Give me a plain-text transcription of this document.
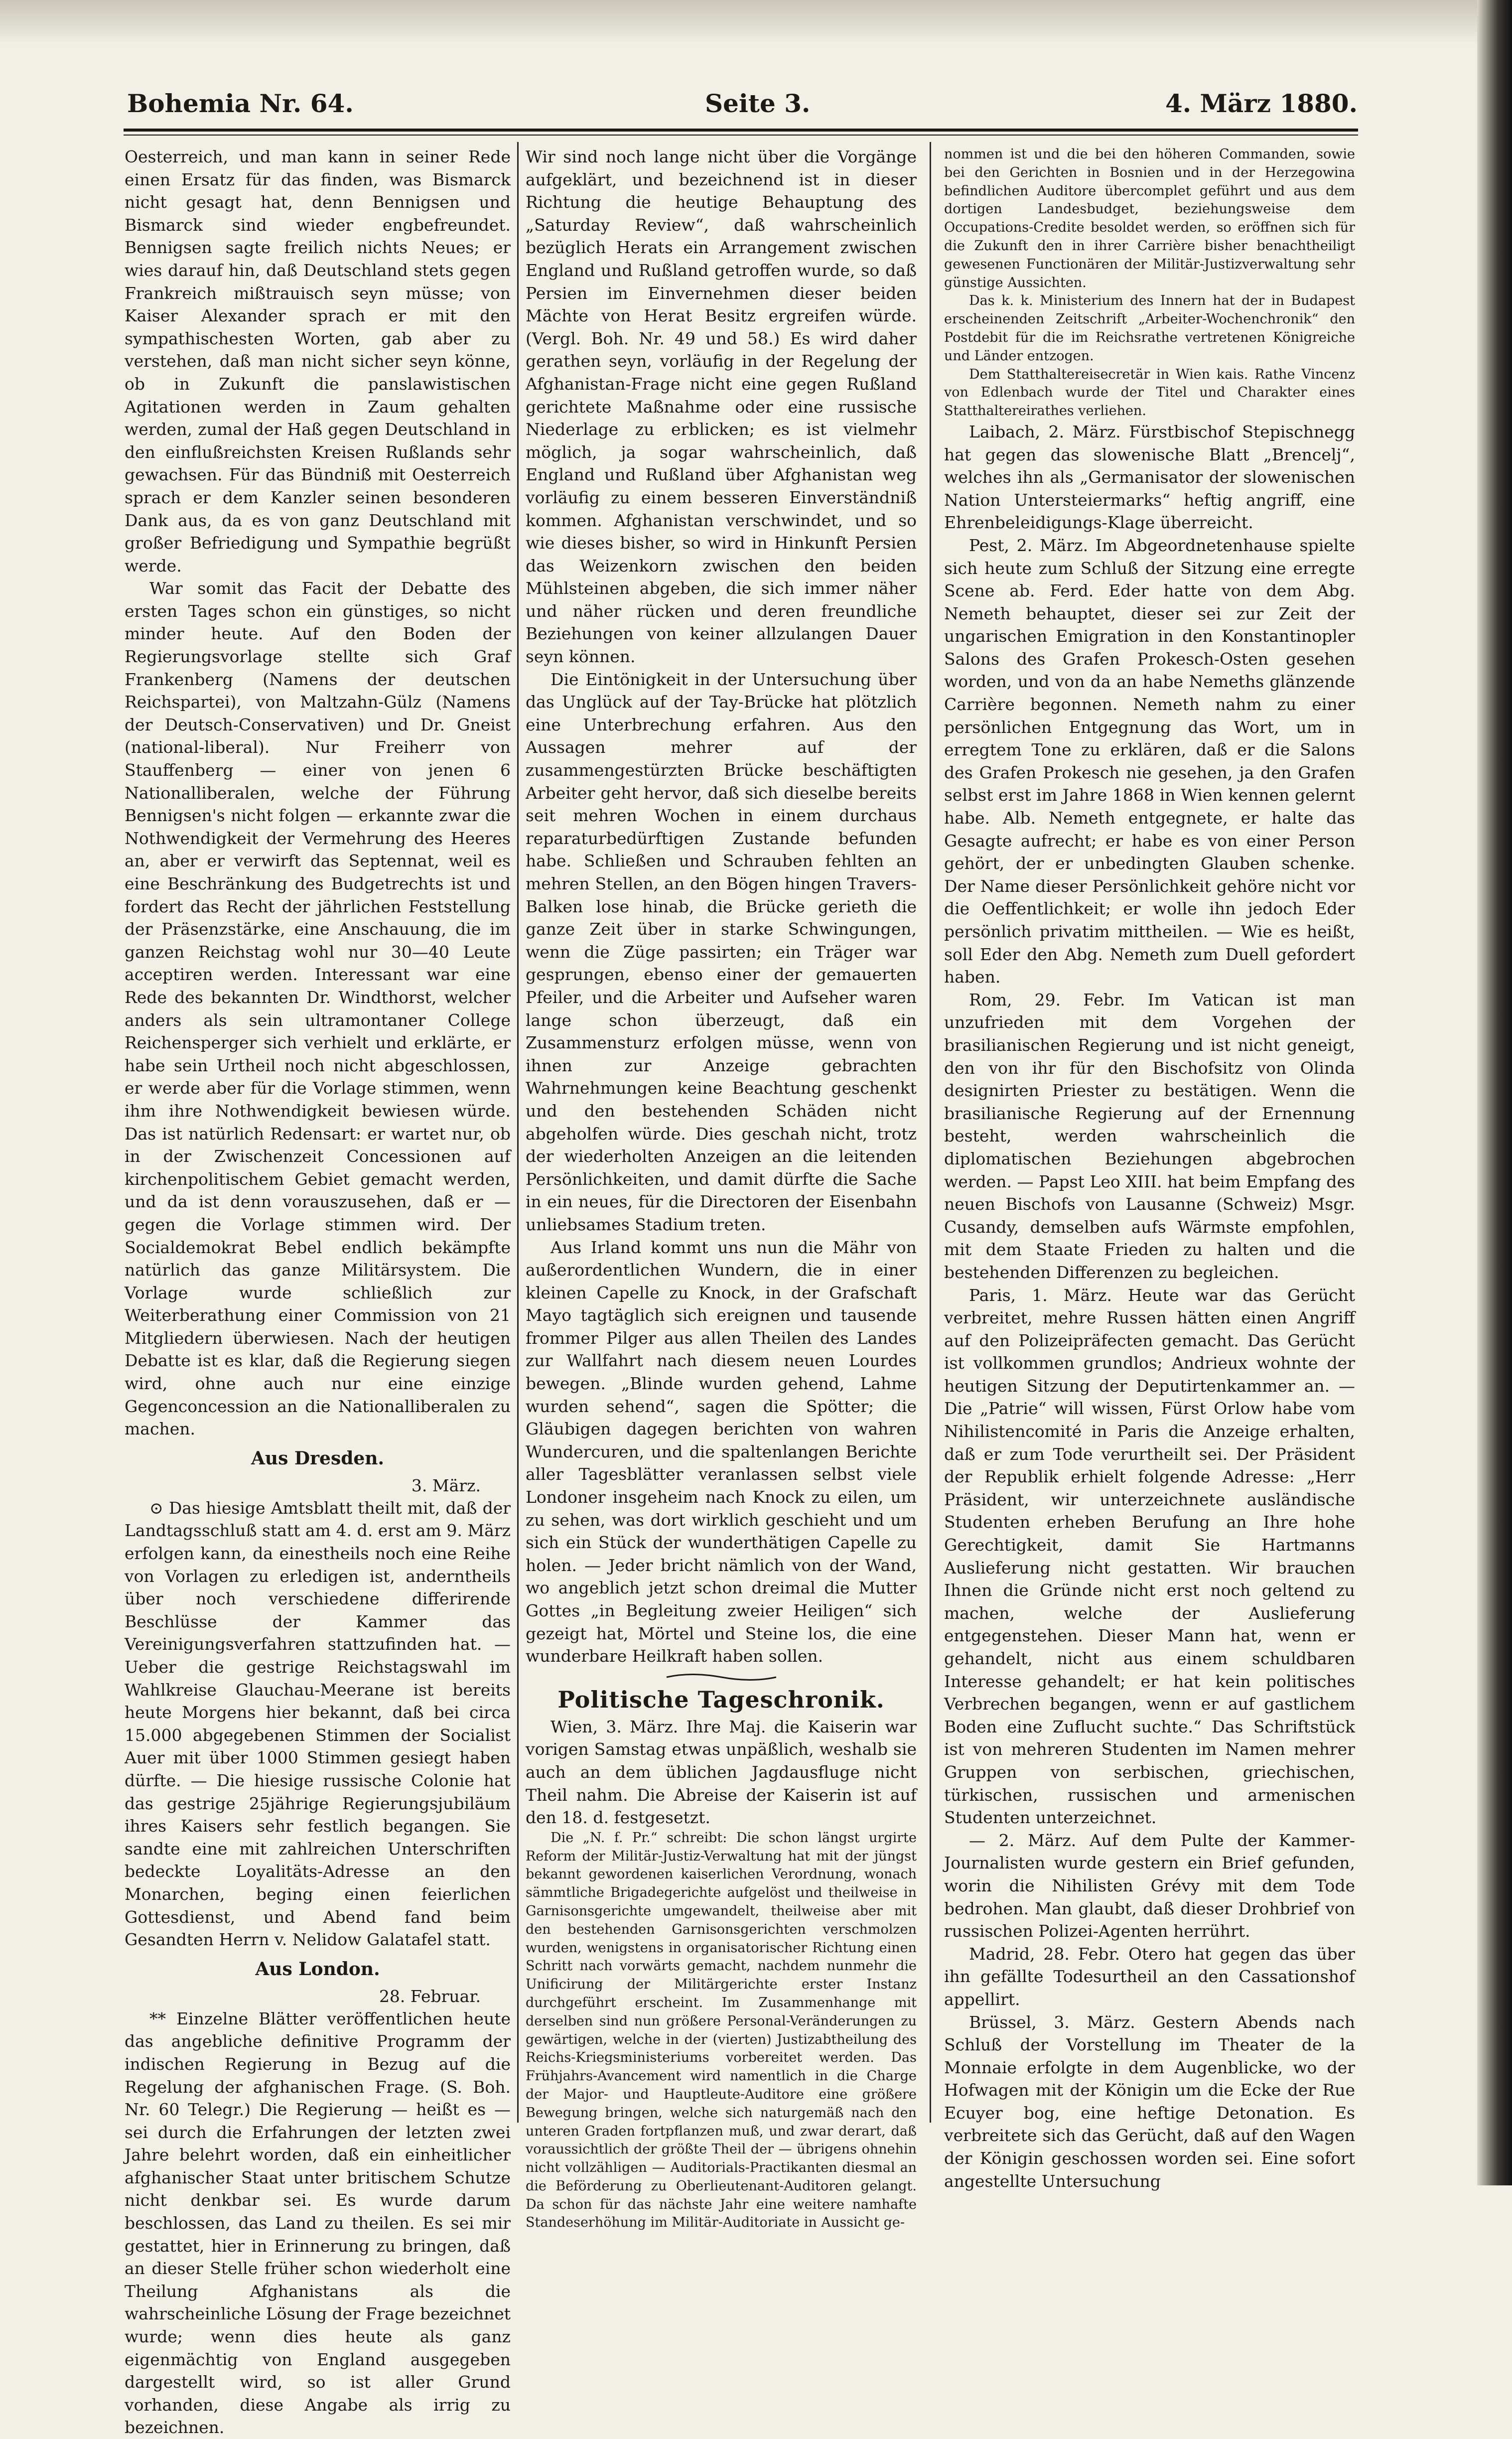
Bohemia Nr. 64.	Seite 3.	4. März 1880.

Oesterreich, und man kann in seiner Rede einen Ersatz für das finden, was Bismarck nicht gesagt hat, denn Bennigsen und Bismarck sind wieder engbefreundet. Bennigsen sagte freilich nichts Neues; er wies darauf hin, daß Deutschland stets gegen Frankreich mißtrauisch seyn müsse; von Kaiser Alexander sprach er mit den sympathischesten Worten, gab aber zu verstehen, daß man nicht sicher seyn könne, ob in Zukunft die panslawistischen Agitationen werden in Zaum gehalten werden, zumal der Haß gegen Deutschland in den einflußreichsten Kreisen Rußlands sehr gewachsen. Für das Bündniß mit Oesterreich sprach er dem Kanzler seinen besonderen Dank aus, da es von ganz Deutschland mit großer Befriedigung und Sympathie begrüßt werde.

War somit das Facit der Debatte des ersten Tages schon ein günstiges, so nicht minder heute. Auf den Boden der Regierungsvorlage stellte sich Graf Frankenberg (Namens der deutschen Reichspartei), von Maltzahn-Gülz (Namens der Deutsch-Conservativen) und Dr. Gneist (national-liberal). Nur Freiherr von Stauffenberg — einer von jenen 6 Nationalliberalen, welche der Führung Bennigsen's nicht folgen — erkannte zwar die Nothwendigkeit der Vermehrung des Heeres an, aber er verwirft das Septennat, weil es eine Beschränkung des Budgetrechts ist und fordert das Recht der jährlichen Feststellung der Präsenzstärke, eine Anschauung, die im ganzen Reichstag wohl nur 30—40 Leute acceptiren werden. Interessant war eine Rede des bekannten Dr. Windthorst, welcher anders als sein ultramontaner College Reichensperger sich verhielt und erklärte, er habe sein Urtheil noch nicht abgeschlossen, er werde aber für die Vorlage stimmen, wenn ihm ihre Nothwendigkeit bewiesen würde. Das ist natürlich Redensart: er wartet nur, ob in der Zwischenzeit Concessionen auf kirchenpolitischem Gebiet gemacht werden, und da ist denn vorauszusehen, daß er — gegen die Vorlage stimmen wird. Der Socialdemokrat Bebel endlich bekämpfte natürlich das ganze Militärsystem. Die Vorlage wurde schließlich zur Weiterberathung einer Commission von 21 Mitgliedern überwiesen. Nach der heutigen Debatte ist es klar, daß die Regierung siegen wird, ohne auch nur eine einzige Gegenconcession an die Nationalliberalen zu machen.

Aus Dresden.

3. März.

⊙ Das hiesige Amtsblatt theilt mit, daß der Landtagsschluß statt am 4. d. erst am 9. März erfolgen kann, da einestheils noch eine Reihe von Vorlagen zu erledigen ist, anderntheils über noch verschiedene differirende Beschlüsse der Kammer das Vereinigungsverfahren stattzufinden hat. — Ueber die gestrige Reichstagswahl im Wahlkreise Glauchau-Meerane ist bereits heute Morgens hier bekannt, daß bei circa 15.000 abgegebenen Stimmen der Socialist Auer mit über 1000 Stimmen gesiegt haben dürfte. — Die hiesige russische Colonie hat das gestrige 25jährige Regierungsjubiläum ihres Kaisers sehr festlich begangen. Sie sandte eine mit zahlreichen Unterschriften bedeckte Loyalitäts-Adresse an den Monarchen, beging einen feierlichen Gottesdienst, und Abend fand beim Gesandten Herrn v. Nelidow Galatafel statt.

Aus London.

28. Februar.

** Einzelne Blätter veröffentlichen heute das angebliche definitive Programm der indischen Regierung in Bezug auf die Regelung der afghanischen Frage. (S. Boh. Nr. 60 Telegr.) Die Regierung — heißt es — sei durch die Erfahrungen der letzten zwei Jahre belehrt worden, daß ein einheitlicher afghanischer Staat unter britischem Schutze nicht denkbar sei. Es wurde darum beschlossen, das Land zu theilen. Es sei mir gestattet, hier in Erinnerung zu bringen, daß an dieser Stelle früher schon wiederholt eine Theilung Afghanistans als die wahrscheinliche Lösung der Frage bezeichnet wurde; wenn dies heute als ganz eigenmächtig von England ausgegeben dargestellt wird, so ist aller Grund vorhanden, diese Angabe als irrig zu bezeichnen.

Wir sind noch lange nicht über die Vorgänge aufgeklärt, und bezeichnend ist in dieser Richtung die heutige Behauptung des „Saturday Review“, daß wahrscheinlich bezüglich Herats ein Arrangement zwischen England und Rußland getroffen wurde, so daß Persien im Einvernehmen dieser beiden Mächte von Herat Besitz ergreifen würde. (Vergl. Boh. Nr. 49 und 58.) Es wird daher gerathen seyn, vorläufig in der Regelung der Afghanistan-Frage nicht eine gegen Rußland gerichtete Maßnahme oder eine russische Niederlage zu erblicken; es ist vielmehr möglich, ja sogar wahrscheinlich, daß England und Rußland über Afghanistan weg vorläufig zu einem besseren Einverständniß kommen. Afghanistan verschwindet, und so wie dieses bisher, so wird in Hinkunft Persien das Weizenkorn zwischen den beiden Mühlsteinen abgeben, die sich immer näher und näher rücken und deren freundliche Beziehungen von keiner allzulangen Dauer seyn können.

Die Eintönigkeit in der Untersuchung über das Unglück auf der Tay-Brücke hat plötzlich eine Unterbrechung erfahren. Aus den Aussagen mehrer auf der zusammengestürzten Brücke beschäftigten Arbeiter geht hervor, daß sich dieselbe bereits seit mehren Wochen in einem durchaus reparaturbedürftigen Zustande befunden habe. Schließen und Schrauben fehlten an mehren Stellen, an den Bögen hingen Travers-Balken lose hinab, die Brücke gerieth die ganze Zeit über in starke Schwingungen, wenn die Züge passirten; ein Träger war gesprungen, ebenso einer der gemauerten Pfeiler, und die Arbeiter und Aufseher waren lange schon überzeugt, daß ein Zusammensturz erfolgen müsse, wenn von ihnen zur Anzeige gebrachten Wahrnehmungen keine Beachtung geschenkt und den bestehenden Schäden nicht abgeholfen würde. Dies geschah nicht, trotz der wiederholten Anzeigen an die leitenden Persönlichkeiten, und damit dürfte die Sache in ein neues, für die Directoren der Eisenbahn unliebsames Stadium treten.

Aus Irland kommt uns nun die Mähr von außerordentlichen Wundern, die in einer kleinen Capelle zu Knock, in der Grafschaft Mayo tagtäglich sich ereignen und tausende frommer Pilger aus allen Theilen des Landes zur Wallfahrt nach diesem neuen Lourdes bewegen. „Blinde wurden gehend, Lahme wurden sehend“, sagen die Spötter; die Gläubigen dagegen berichten von wahren Wundercuren, und die spaltenlangen Berichte aller Tagesblätter veranlassen selbst viele Londoner insgeheim nach Knock zu eilen, um zu sehen, was dort wirklich geschieht und um sich ein Stück der wunderthätigen Capelle zu holen. — Jeder bricht nämlich von der Wand, wo angeblich jetzt schon dreimal die Mutter Gottes „in Begleitung zweier Heiligen“ sich gezeigt hat, Mörtel und Steine los, die eine wunderbare Heilkraft haben sollen.

Politische Tageschronik.

Wien, 3. März. Ihre Maj. die Kaiserin war vorigen Samstag etwas unpäßlich, weshalb sie auch an dem üblichen Jagdausfluge nicht Theil nahm. Die Abreise der Kaiserin ist auf den 18. d. festgesetzt.

Die „N. f. Pr.“ schreibt: Die schon längst urgirte Reform der Militär-Justiz-Verwaltung hat mit der jüngst bekannt gewordenen kaiserlichen Verordnung, wonach sämmtliche Brigadegerichte aufgelöst und theilweise in Garnisonsgerichte umgewandelt, theilweise aber mit den bestehenden Garnisonsgerichten verschmolzen wurden, wenigstens in organisatorischer Richtung einen Schritt nach vorwärts gemacht, nachdem nunmehr die Unificirung der Militärgerichte erster Instanz durchgeführt erscheint. Im Zusammenhange mit derselben sind nun größere Personal-Veränderungen zu gewärtigen, welche in der (vierten) Justizabtheilung des Reichs-Kriegsministeriums vorbereitet werden. Das Frühjahrs-Avancement wird namentlich in die Charge der Major- und Hauptleute-Auditore eine größere Bewegung bringen, welche sich naturgemäß nach den unteren Graden fortpflanzen muß, und zwar derart, daß voraussichtlich der größte Theil der — übrigens ohnehin nicht vollzähligen — Auditorials-Practikanten diesmal an die Beförderung zu Oberlieutenant-Auditoren gelangt. Da schon für das nächste Jahr eine weitere namhafte Standeserhöhung im Militär-Auditoriate in Aussicht ge-

nommen ist und die bei den höheren Commanden, sowie bei den Gerichten in Bosnien und in der Herzegowina befindlichen Auditore übercomplet geführt und aus dem dortigen Landesbudget, beziehungsweise dem Occupations-Credite besoldet werden, so eröffnen sich für die Zukunft den in ihrer Carrière bisher benachtheiligt gewesenen Functionären der Militär-Justizverwaltung sehr günstige Aussichten.

Das k. k. Ministerium des Innern hat der in Budapest erscheinenden Zeitschrift „Arbeiter-Wochenchronik“ den Postdebit für die im Reichsrathe vertretenen Königreiche und Länder entzogen.

Dem Statthaltereisecretär in Wien kais. Rathe Vincenz von Edlenbach wurde der Titel und Charakter eines Statthaltereirathes verliehen.

Laibach, 2. März. Fürstbischof Stepischnegg hat gegen das slowenische Blatt „Brencelj“, welches ihn als „Germanisator der slowenischen Nation Untersteiermarks“ heftig angriff, eine Ehrenbeleidigungs-Klage überreicht.

Pest, 2. März. Im Abgeordnetenhause spielte sich heute zum Schluß der Sitzung eine erregte Scene ab. Ferd. Eder hatte von dem Abg. Nemeth behauptet, dieser sei zur Zeit der ungarischen Emigration in den Konstantinopler Salons des Grafen Prokesch-Osten gesehen worden, und von da an habe Nemeths glänzende Carrière begonnen. Nemeth nahm zu einer persönlichen Entgegnung das Wort, um in erregtem Tone zu erklären, daß er die Salons des Grafen Prokesch nie gesehen, ja den Grafen selbst erst im Jahre 1868 in Wien kennen gelernt habe. Alb. Nemeth entgegnete, er halte das Gesagte aufrecht; er habe es von einer Person gehört, der er unbedingten Glauben schenke. Der Name dieser Persönlichkeit gehöre nicht vor die Oeffentlichkeit; er wolle ihn jedoch Eder persönlich privatim mittheilen. — Wie es heißt, soll Eder den Abg. Nemeth zum Duell gefordert haben.

Rom, 29. Febr. Im Vatican ist man unzufrieden mit dem Vorgehen der brasilianischen Regierung und ist nicht geneigt, den von ihr für den Bischofsitz von Olinda designirten Priester zu bestätigen. Wenn die brasilianische Regierung auf der Ernennung besteht, werden wahrscheinlich die diplomatischen Beziehungen abgebrochen werden. — Papst Leo XIII. hat beim Empfang des neuen Bischofs von Lausanne (Schweiz) Msgr. Cusandy, demselben aufs Wärmste empfohlen, mit dem Staate Frieden zu halten und die bestehenden Differenzen zu begleichen.

Paris, 1. März. Heute war das Gerücht verbreitet, mehre Russen hätten einen Angriff auf den Polizeipräfecten gemacht. Das Gerücht ist vollkommen grundlos; Andrieux wohnte der heutigen Sitzung der Deputirtenkammer an. — Die „Patrie“ will wissen, Fürst Orlow habe vom Nihilistencomité in Paris die Anzeige erhalten, daß er zum Tode verurtheilt sei. Der Präsident der Republik erhielt folgende Adresse: „Herr Präsident, wir unterzeichnete ausländische Studenten erheben Berufung an Ihre hohe Gerechtigkeit, damit Sie Hartmanns Auslieferung nicht gestatten. Wir brauchen Ihnen die Gründe nicht erst noch geltend zu machen, welche der Auslieferung entgegenstehen. Dieser Mann hat, wenn er gehandelt, nicht aus einem schuldbaren Interesse gehandelt; er hat kein politisches Verbrechen begangen, wenn er auf gastlichem Boden eine Zuflucht suchte.“ Das Schriftstück ist von mehreren Studenten im Namen mehrer Gruppen von serbischen, griechischen, türkischen, russischen und armenischen Studenten unterzeichnet.

— 2. März. Auf dem Pulte der Kammer-Journalisten wurde gestern ein Brief gefunden, worin die Nihilisten Grévy mit dem Tode bedrohen. Man glaubt, daß dieser Drohbrief von russischen Polizei-Agenten herrührt.

Madrid, 28. Febr. Otero hat gegen das über ihn gefällte Todesurtheil an den Cassationshof appellirt.

Brüssel, 3. März. Gestern Abends nach Schluß der Vorstellung im Theater de la Monnaie erfolgte in dem Augenblicke, wo der Hofwagen mit der Königin um die Ecke der Rue Ecuyer bog, eine heftige Detonation. Es verbreitete sich das Gerücht, daß auf den Wagen der Königin geschossen worden sei. Eine sofort angestellte Untersuchung
